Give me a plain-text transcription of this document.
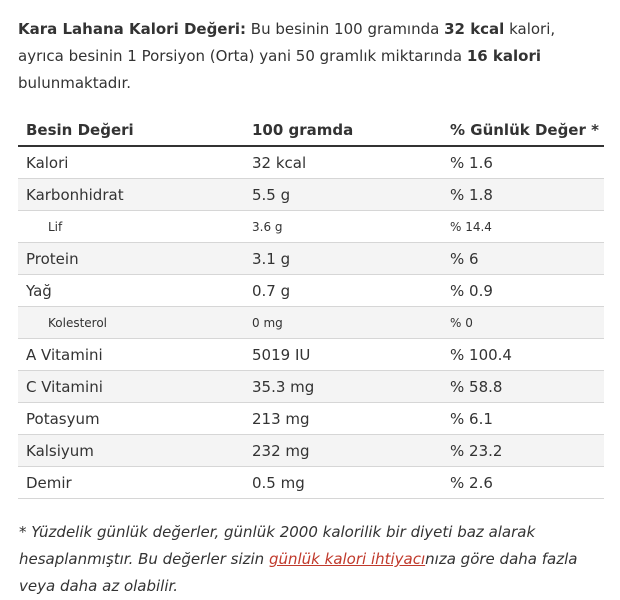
Kara Lahana Kalori Değeri: Bu besinin 100 gramında 32 kcal kalori, ayrıca besinin 1 Porsiyon (Orta) yani 50 gramlık miktarında 16 kalori bulunmaktadır.

Besin Değeri	100 gramda	% Günlük Değer *
Kalori	32 kcal	% 1.6
Karbonhidrat	5.5 g	% 1.8
Lif	3.6 g	% 14.4
Protein	3.1 g	% 6
Yağ	0.7 g	% 0.9
Kolesterol	0 mg	% 0
A Vitamini	5019 IU	% 100.4
C Vitamini	35.3 mg	% 58.8
Potasyum	213 mg	% 6.1
Kalsiyum	232 mg	% 23.2
Demir	0.5 mg	% 2.6

* Yüzdelik günlük değerler, günlük 2000 kalorilik bir diyeti baz alarak hesaplanmıştır. Bu değerler sizin günlük kalori ihtiyacınıza göre daha fazla veya daha az olabilir.
